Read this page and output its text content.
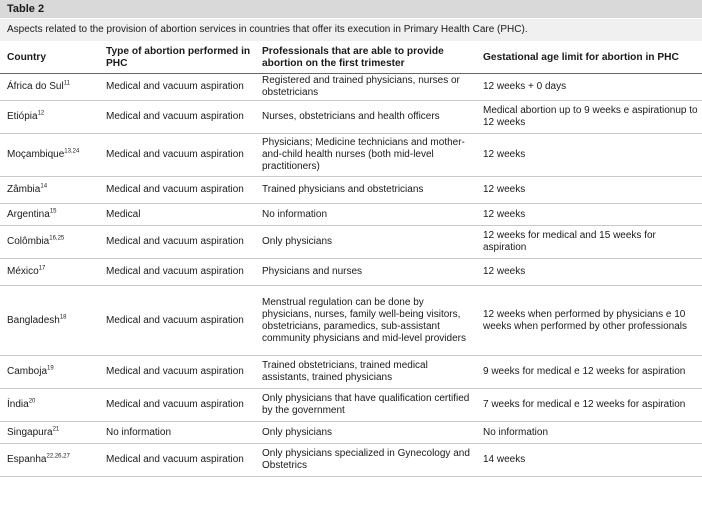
Table 2
Aspects related to the provision of abortion services in countries that offer its execution in Primary Health Care (PHC).
Country	Type of abortion performed in PHC	Professionals that are able to provide abortion on the first trimester	Gestational age limit for abortion in PHC
África do Sul$^{11}$	Medical and vacuum aspiration	Registered and trained physicians, nurses or obstetricians	12 weeks + 0 days
Etiópia$^{12}$	Medical and vacuum aspiration	Nurses, obstetricians and health officers	Medical abortion up to 9 weeks e aspirationup to 12 weeks
Moçambique$^{13,24}$	Medical and vacuum aspiration	Physicians; Medicine technicians and mother-and-child health nurses (both mid-level practitioners)	12 weeks
Zâmbia$^{14}$	Medical and vacuum aspiration	Trained physicians and obstetricians	12 weeks
Argentina$^{15}$	Medical	No information	12 weeks
Colômbia$^{16,25}$	Medical and vacuum aspiration	Only physicians	12 weeks for medical and 15 weeks for aspiration
México$^{17}$	Medical and vacuum aspiration	Physicians and nurses	12 weeks
Bangladesh$^{18}$	Medical and vacuum aspiration	Menstrual regulation can be done by physicians, nurses, family well-being visitors, obstetricians, paramedics, sub-assistant community physicians and mid-level providers	12 weeks when performed by physicians e 10 weeks when performed by other professionals
Camboja$^{19}$	Medical and vacuum aspiration	Trained obstetricians, trained medical assistants, trained physicians	9 weeks for medical e 12 weeks for aspiration
Índia$^{20}$	Medical and vacuum aspiration	Only physicians that have qualification certified by the government	7 weeks for medical e 12 weeks for aspiration
Singapura$^{21}$	No information	Only physicians	No information
Espanha$^{22,26,27}$	Medical and vacuum aspiration	Only physicians specialized in Gynecology and Obstetrics	14 weeks
